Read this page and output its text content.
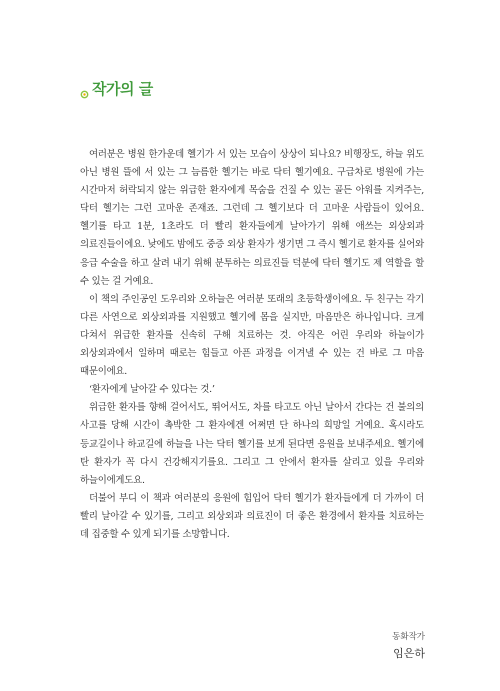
작가의 글

여러분은 병원 한가운데 헬기가 서 있는 모습이 상상이 되나요? 비행장도, 하늘 위도 아닌 병원 뜰에 서 있는 그 늠름한 헬기는 바로 닥터 헬기예요. 구급차로 병원에 가는 시간마저 허락되지 않는 위급한 환자에게 목숨을 건질 수 있는 골든 아워를 지켜주는, 닥터 헬기는 그런 고마운 존재죠. 그런데 그 헬기보다 더 고마운 사람들이 있어요. 헬기를 타고 1분, 1초라도 더 빨리 환자들에게 날아가기 위해 애쓰는 외상외과 의료진들이에요. 낮에도 밤에도 중증 외상 환자가 생기면 그 즉시 헬기로 환자를 실어와 응급 수술을 하고 살려 내기 위해 분투하는 의료진들 덕분에 닥터 헬기도 제 역할을 할 수 있는 걸 거예요.

이 책의 주인공인 도우리와 오하늘은 여러분 또래의 초등학생이에요. 두 친구는 각기 다른 사연으로 외상외과를 지원했고 헬기에 몸을 실지만, 마음만은 하나입니다. 크게 다쳐서 위급한 환자를 신속히 구해 치료하는 것. 아직은 어린 우리와 하늘이가 외상외과에서 일하며 때로는 힘들고 아픈 과정을 이겨낼 수 있는 건 바로 그 마음 때문이에요.

‘환자에게 날아갈 수 있다는 것.’

위급한 환자를 향해 걸어서도, 뛰어서도, 차를 타고도 아닌 날아서 간다는 건 불의의 사고를 당해 시간이 촉박한 그 환자에겐 어쩌면 단 하나의 희망일 거예요. 혹시라도 등교길이나 하교길에 하늘을 나는 닥터 헬기를 보게 된다면 응원을 보내주세요. 헬기에 탄 환자가 꼭 다시 건강해지기를요. 그리고 그 안에서 환자를 살리고 있을 우리와 하늘이에게도요.

더불어 부디 이 책과 여러분의 응원에 힘입어 닥터 헬기가 환자들에게 더 가까이 더 빨리 날아갈 수 있기를, 그리고 외상외과 의료진이 더 좋은 환경에서 환자를 치료하는 데 집중할 수 있게 되기를 소망합니다.

동화작가
임은하
